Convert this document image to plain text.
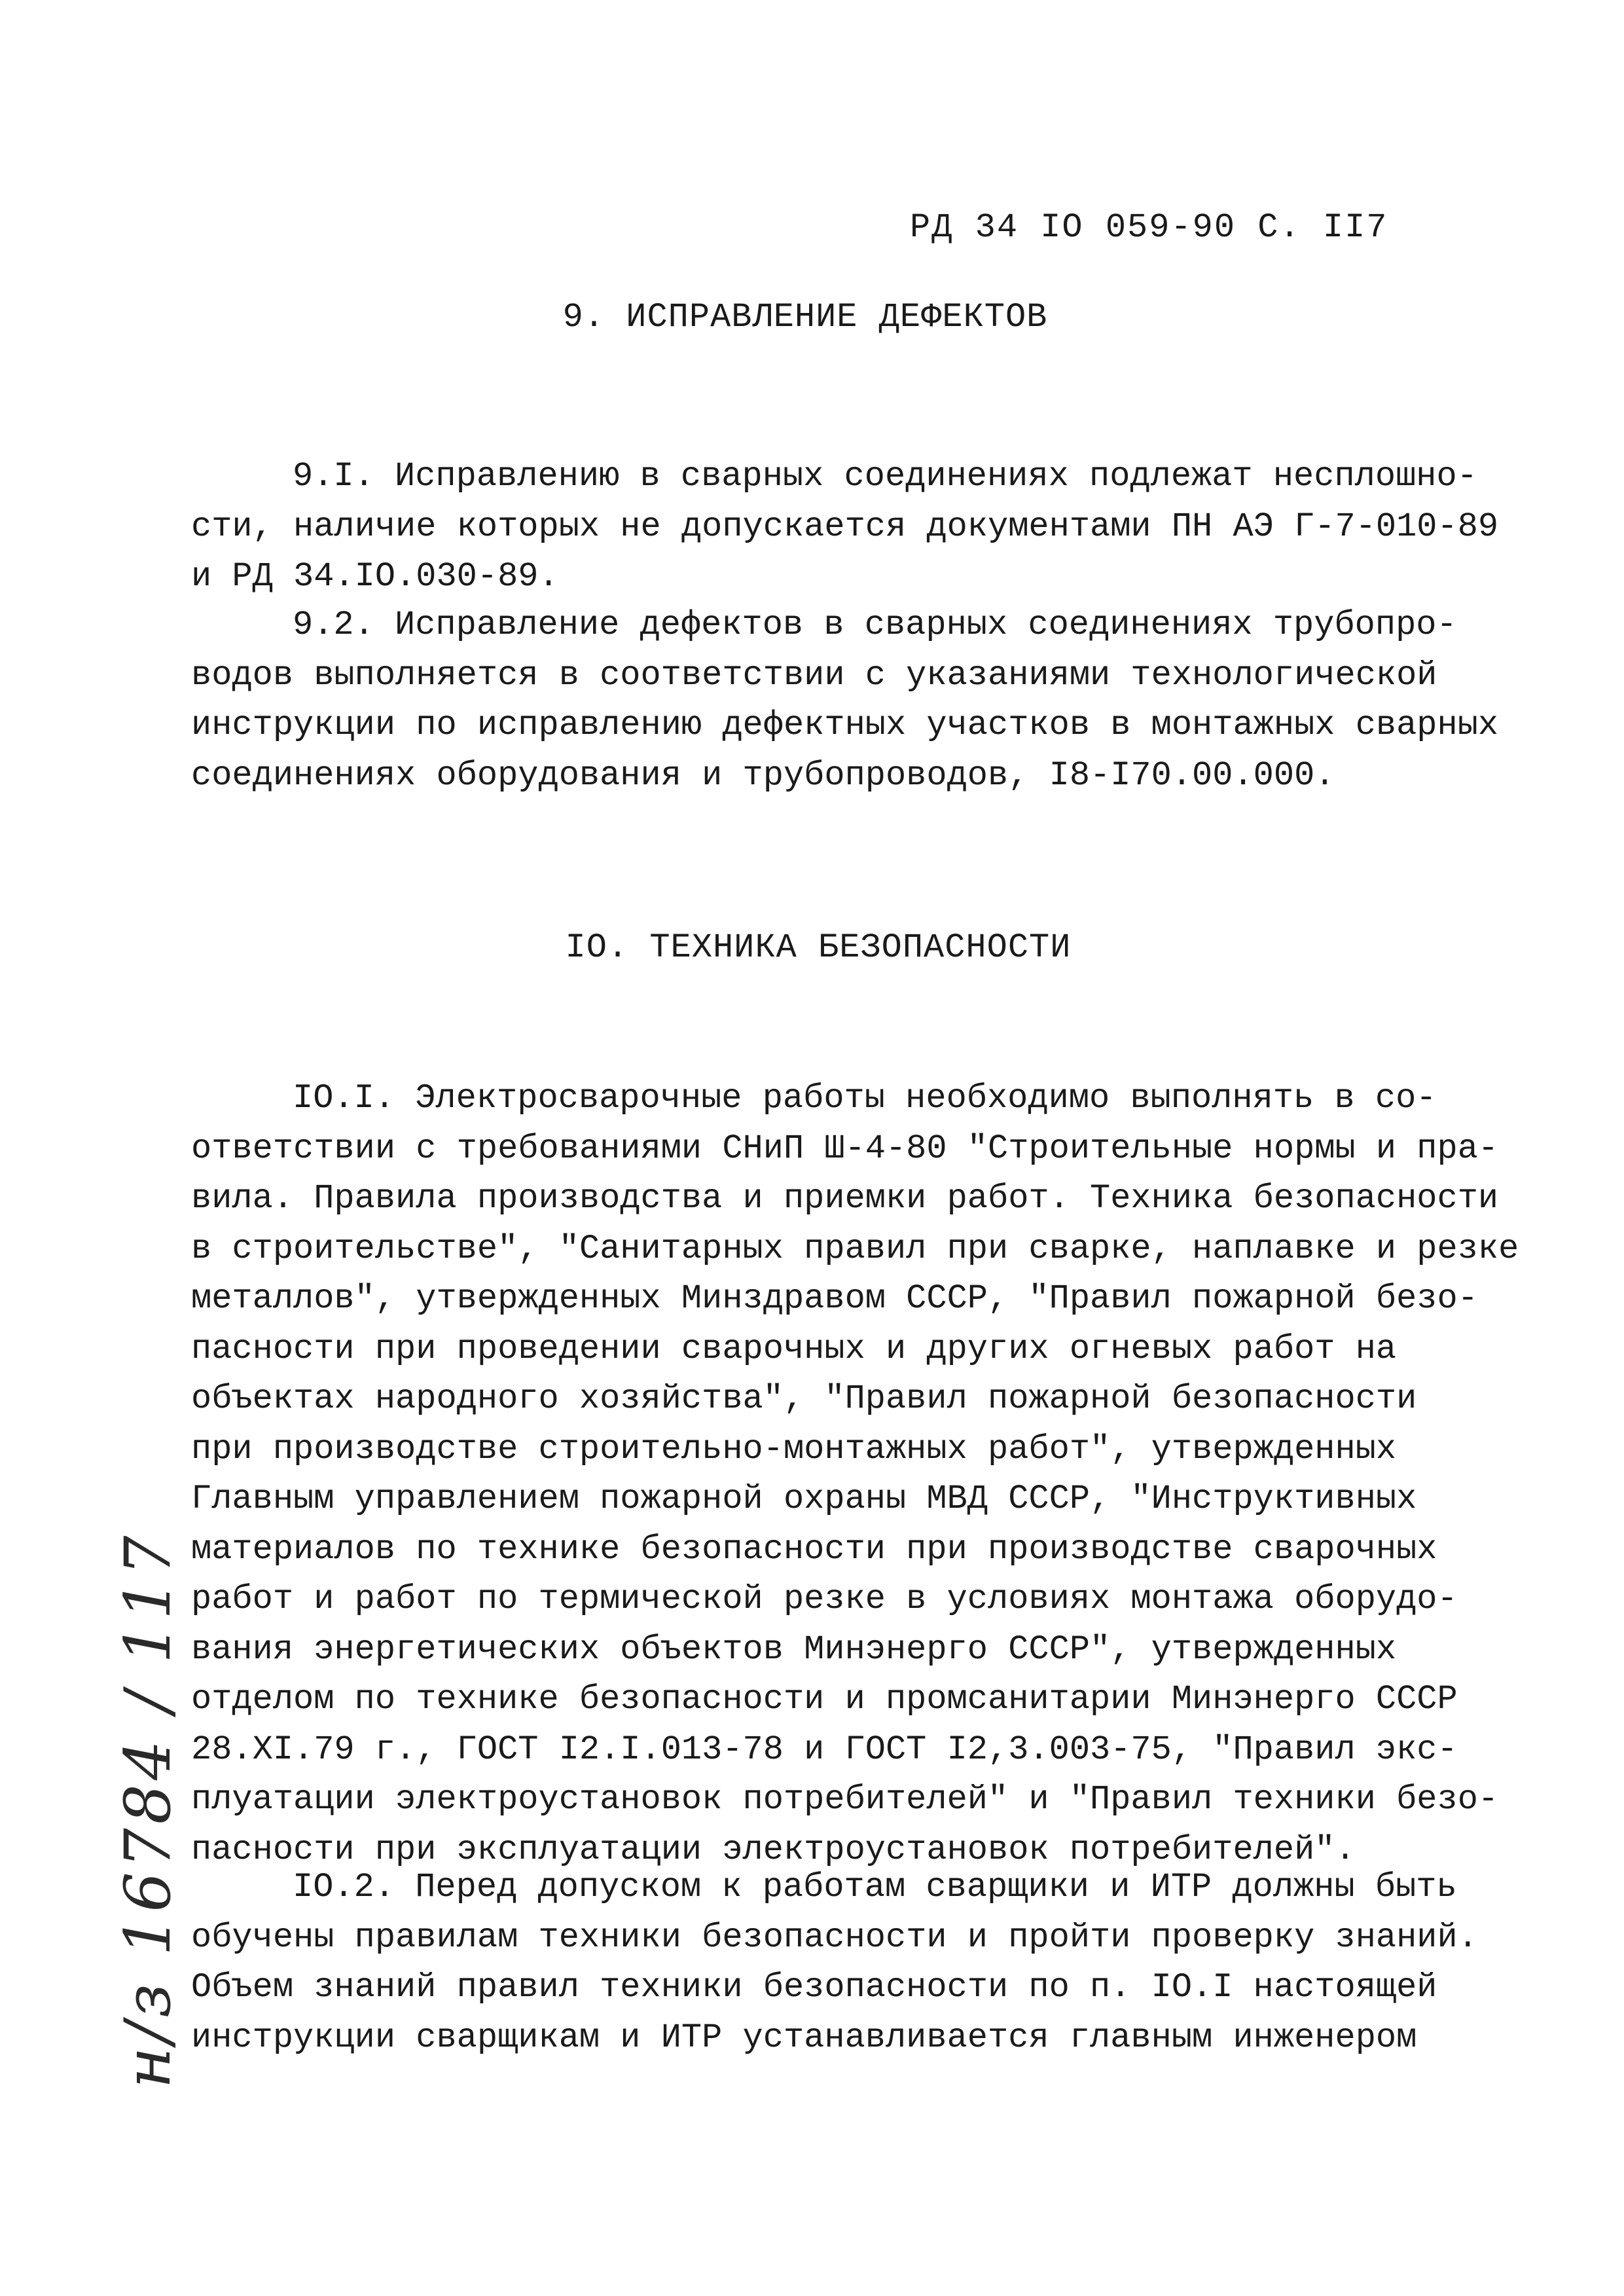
РД 34 IO 059-90 С. II7
9. ИСПРАВЛЕНИЕ ДЕФЕКТОВ
9.I. Исправлению в сварных соединениях подлежат несплошно-
сти, наличие которых не допускается документами ПН АЭ Г-7-010-89
и РД 34.IO.030-89.
9.2. Исправление дефектов в сварных соединениях трубопро-
водов выполняется в соответствии с указаниями технологической
инструкции по исправлению дефектных участков в монтажных сварных
соединениях оборудования и трубопроводов, I8-I70.00.000.
IO. ТЕХНИКА БЕЗОПАСНОСТИ
IO.I. Электросварочные работы необходимо выполнять в со-
ответствии с требованиями СНиП Ш-4-80 "Строительные нормы и пра-
вила. Правила производства и приемки работ. Техника безопасности
в строительстве", "Санитарных правил при сварке, наплавке и резке
металлов", утвержденных Минздравом СССР, "Правил пожарной безо-
пасности при проведении сварочных и других огневых работ на
объектах народного хозяйства", "Правил пожарной безопасности
при производстве строительно-монтажных работ", утвержденных
Главным управлением пожарной охраны МВД СССР, "Инструктивных
материалов по технике безопасности при производстве сварочных
работ и работ по термической резке в условиях монтажа оборудо-
вания энергетических объектов Минэнерго СССР", утвержденных
отделом по технике безопасности и промсанитарии Минэнерго СССР
28.XI.79 г., ГОСТ I2.I.013-78 и ГОСТ I2,3.003-75, "Правил экс-
плуатации электроустановок потребителей" и "Правил техники безо-
пасности при эксплуатации электроустановок потребителей".
IO.2. Перед допуском к работам сварщики и ИТР должны быть
обучены правилам техники безопасности и пройти проверку знаний.
Объем знаний правил техники безопасности по п. IO.I настоящей
инструкции сварщикам и ИТР устанавливается главным инженером
н/з 16784 / 117
